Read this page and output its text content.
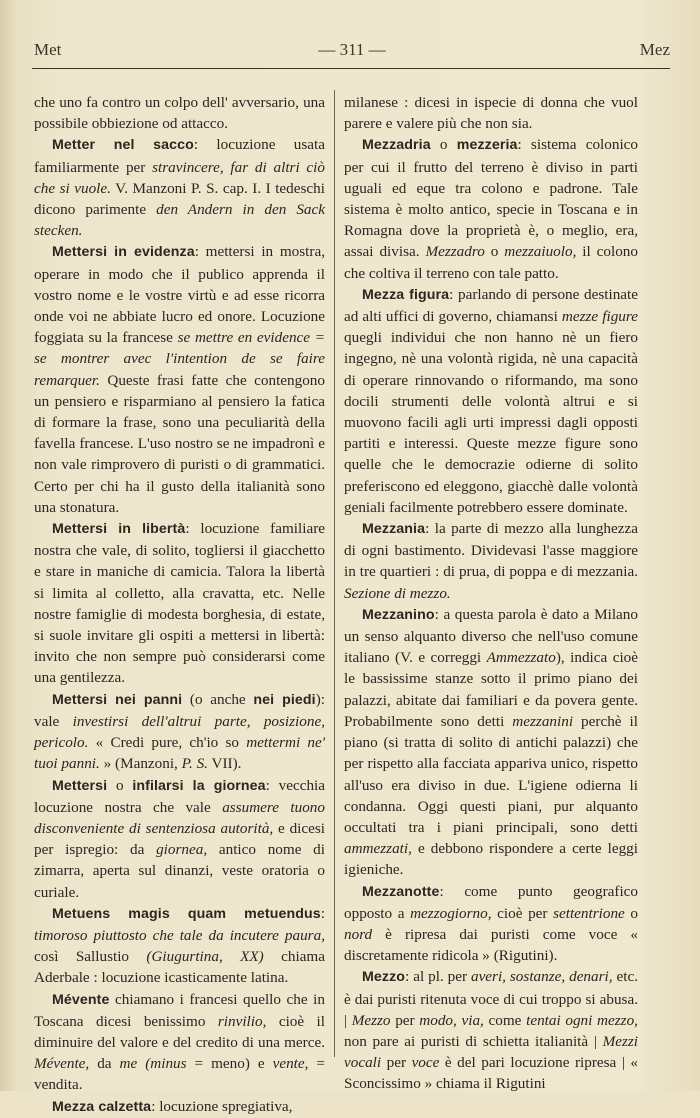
Met	— 311 —	Mez

che uno fa contro un colpo dell' avversario, una possibile obbiezione od attacco.

Metter nel sacco: locuzione usata familiarmente per stravincere, far di altri ciò che si vuole. V. Manzoni P. S. cap. I. I tedeschi dicono parimente den Andern in den Sack stecken.

Mettersi in evidenza: mettersi in mostra, operare in modo che il publico apprenda il vostro nome e le vostre virtù e ad esse ricorra onde voi ne abbiate lucro ed onore. Locuzione foggiata su la francese se mettre en evidence = se montrer avec l'intention de se faire remarquer. Queste frasi fatte che contengono un pensiero e risparmiano al pensiero la fatica di formare la frase, sono una peculiarità della favella francese. L'uso nostro se ne impadronì e non vale rimprovero di puristi o di grammatici. Certo per chi ha il gusto della italianità sono una stonatura.

Mettersi in libertà: locuzione familiare nostra che vale, di solito, togliersi il giacchetto e stare in maniche di camicia. Talora la libertà si limita al colletto, alla cravatta, etc. Nelle nostre famiglie di modesta borghesia, di estate, si suole invitare gli ospiti a mettersi in libertà: invito che non sempre può considerarsi come una gentilezza.

Mettersi nei panni (o anche nei piedi): vale investirsi dell'altrui parte, posizione, pericolo. « Credi pure, ch'io so mettermi ne' tuoi panni. » (Manzoni, P. S. VII).

Mettersi o infilarsi la giornea: vecchia locuzione nostra che vale assumere tuono disconveniente di sentenziosa autorità, e dicesi per ispregio: da giornea, antico nome di zimarra, aperta sul dinanzi, veste oratoria o curiale.

Metuens magis quam metuendus: timoroso piuttosto che tale da incutere paura, così Sallustio (Giugurtina, XX) chiama Aderbale : locuzione icasticamente latina.

Mévente chiamano i francesi quello che in Toscana dicesi benissimo rinvilio, cioè il diminuire del valore e del credito di una merce. Mévente, da me (minus = meno) e vente, = vendita.

Mezza calzetta: locuzione spregiativa,

milanese : dicesi in ispecie di donna che vuol parere e valere più che non sia.

Mezzadria o mezzeria: sistema colonico per cui il frutto del terreno è diviso in parti uguali ed eque tra colono e padrone. Tale sistema è molto antico, specie in Toscana e in Romagna dove la proprietà è, o meglio, era, assai divisa. Mezzadro o mezzaiuolo, il colono che coltiva il terreno con tale patto.

Mezza figura: parlando di persone destinate ad alti uffici di governo, chiamansi mezze figure quegli individui che non hanno nè un fiero ingegno, nè una volontà rigida, nè una capacità di operare rinnovando o riformando, ma sono docili strumenti delle volontà altrui e si muovono facili agli urti impressi dagli opposti partiti e interessi. Queste mezze figure sono quelle che le democrazie odierne di solito preferiscono ed eleggono, giacchè dalle volontà geniali facilmente potrebbero essere dominate.

Mezzania: la parte di mezzo alla lunghezza di ogni bastimento. Dividevasi l'asse maggiore in tre quartieri : di prua, di poppa e di mezzania. Sezione di mezzo.

Mezzanino: a questa parola è dato a Milano un senso alquanto diverso che nell'uso comune italiano (V. e correggi Ammezzato), indica cioè le bassissime stanze sotto il primo piano dei palazzi, abitate dai familiari e da povera gente. Probabilmente sono detti mezzanini perchè il piano (si tratta di solito di antichi palazzi) che per rispetto alla facciata appariva unico, rispetto all'uso era diviso in due. L'igiene odierna li condanna. Oggi questi piani, pur alquanto occultati tra i piani principali, sono detti ammezzati, e debbono rispondere a certe leggi igieniche.

Mezzanotte: come punto geografico opposto a mezzogiorno, cioè per settentrione o nord è ripresa dai puristi come voce « discretamente ridicola » (Rigutini).

Mezzo: al pl. per averi, sostanze, denari, etc. è dai puristi ritenuta voce di cui troppo si abusa. | Mezzo per modo, via, come tentai ogni mezzo, non pare ai puristi di schietta italianità | Mezzi vocali per voce è del pari locuzione ripresa | « Sconcissimo » chiama il Rigutini
